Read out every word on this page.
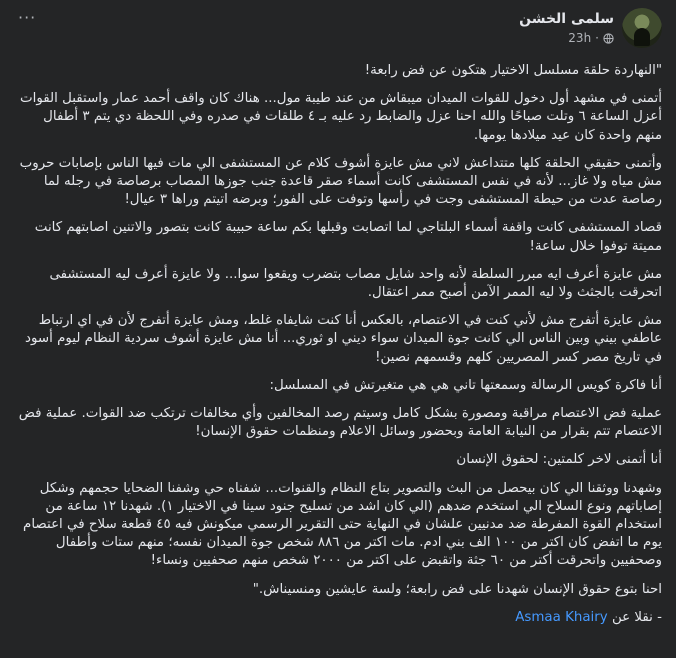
سلمى الخشن
23h ·
···

"النهاردة حلقة مسلسل الاختيار هتكون عن فض رابعة!

أتمنى في مشهد أول دخول للقوات الميدان ميبقاش من عند طيبة مول... هناك كان واقف أحمد عمار واستقبل القوات أعزل الساعة ٦ وتلت صباحًا والله احنا عزل والضابط رد عليه بـ ٤ طلقات في صدره وفي اللحظة دي يتم ٣ أطفال منهم واحدة كان عيد ميلادها يومها.

وأتمنى حقيقي الحلقة كلها متتداعش لاني مش عايزة أشوف كلام عن المستشفى الي مات فيها الناس بإصابات حروب مش مياه ولا غاز... لأنه في نفس المستشفى كانت أسماء صقر قاعدة جنب جوزها المصاب برصاصة في رجله لما رصاصة عدت من حيطة المستشفى وجت في رأسها وتوفت على الفور؛ وبرضه اتيتم وراها ٣ عيال!

قصاد المستشفى كانت واقفة أسماء البلتاجي لما اتصابت وقبلها بكم ساعة حبيبة كانت بتصور والاتنين اصابتهم كانت مميتة توفوا خلال ساعة!

مش عايزة أعرف ايه مبرر السلطة لأنه واحد شايل مصاب بتضرب ويقعوا سوا... ولا عايزة أعرف ليه المستشفى اتحرقت بالجثث ولا ليه الممر الآمن أصبح ممر اعتقال.

مش عايزة أتفرج مش لأني كنت في الاعتصام، بالعكس أنا كنت شايفاه غلط، ومش عايزة أتفرج لأن في اي ارتباط عاطفي بيني وبين الناس الي كانت جوة الميدان سواء ديني او ثوري... أنا مش عايزة أشوف سردية النظام ليوم أسود في تاريخ مصر كسر المصريين كلهم وقسمهم نصين!

أنا فاكرة كويس الرسالة وسمعتها تاني هي هي متغيرتش في المسلسل:

عملية فض الاعتصام مراقبة ومصورة بشكل كامل وسيتم رصد المخالفين وأي مخالفات ترتكب ضد القوات. عملية فض الاعتصام تتم بقرار من النيابة العامة وبحضور وسائل الاعلام ومنظمات حقوق الإنسان!

أنا أتمنى لاخر كلمتين: لحقوق الإنسان

وشهدنا ووثقنا الي كان بيحصل من البث والتصوير بتاع النظام والقنوات... شفناه حي وشفنا الضحايا حجمهم وشكل إصاباتهم ونوع السلاح الي استخدم ضدهم (الي كان اشد من تسليح جنود سينا في الاختيار ١). شهدنا ١٢ ساعة من استخدام القوة المفرطة ضد مدنيين علشان في النهاية حتى التقرير الرسمي ميكونش فيه ٤٥ قطعة سلاح في اعتصام يوم ما اتفض كان اكتر من ١٠٠ الف بني ادم. مات اكتر من ٨٨٦ شخص جوة الميدان نفسه؛ منهم ستات وأطفال وصحفيين واتحرقت أكتر من ٦٠ جثة واتقبض على اكتر من ٢٠٠٠ شخص منهم صحفيين ونساء!

احنا بتوع حقوق الإنسان شهدنا على فض رابعة؛ ولسة عايشين ومنسيناش."

- نقلا عن Asmaa Khairy
